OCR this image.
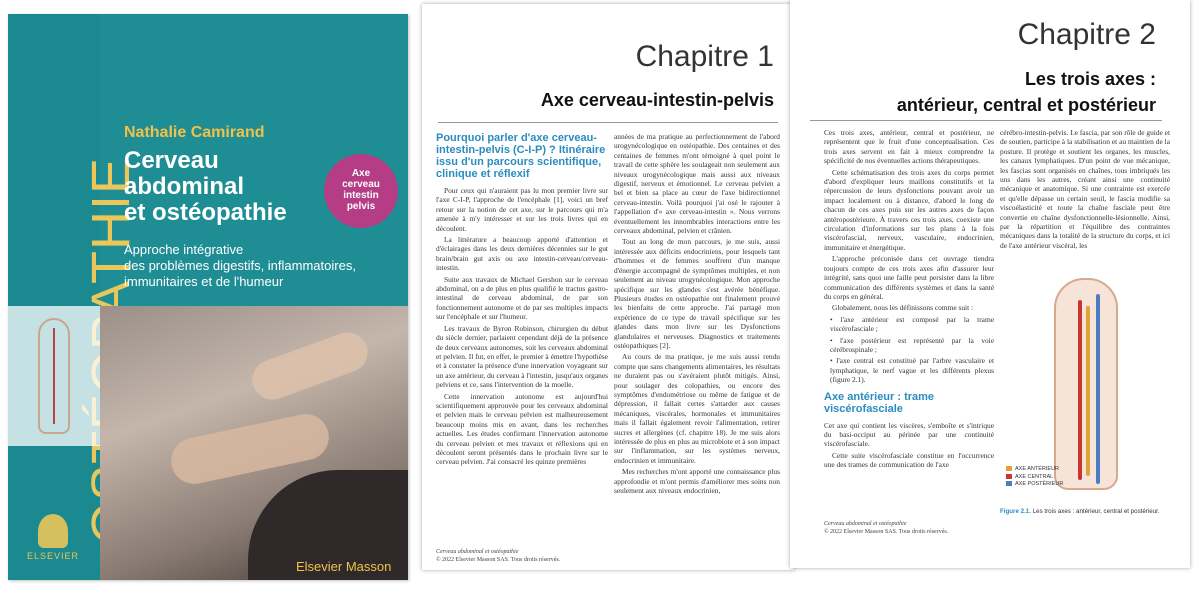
Nathalie Camirand
Cerveau
abdominal
et ostéopathie
Axe
cerveau
intestin
pelvis
Approche intégrative
des problèmes digestifs, inflammatoires,
immunitaires et de l'humeur
ELSEVIER
Elsevier Masson
Chapitre 1
Axe cerveau-intestin-pelvis
Pourquoi parler d'axe cerveau-intestin-pelvis (C-I-P) ? Itinéraire issu d'un parcours scientifique, clinique et réflexif

Pour ceux qui n'auraient pas lu mon premier livre sur l'axe C-I-P, l'approche de l'encéphale [1], voici un bref retour sur la notion de cet axe, sur le parcours qui m'a amenée à m'y intéresser et sur les trois livres qui en découlent.

La littérature a beaucoup apporté d'attention et d'éclairages dans les deux dernières décennies sur le gut brain/brain gut axis ou axe intestin-cerveau/cerveau-intestin.

Suite aux travaux de Michael Gershon sur le cerveau abdominal, on a de plus en plus qualifié le tractus gastro-intestinal de cerveau abdominal, de par son fonctionnement autonome et de par ses multiples impacts sur l'encéphale et sur l'humeur.

Les travaux de Byron Robinson, chirurgien du début du siècle dernier, parlaient cependant déjà de la présence de deux cerveaux autonomes, soit les cerveaux abdominal et pelvien. Il fut, en effet, le premier à émettre l'hypothèse et à constater la présence d'une innervation voyageant sur un axe antérieur, du cerveau à l'intestin, jusqu'aux organes pelviens et ce, sans l'intervention de la moelle.

Cette innervation autonome est aujourd'hui scientifiquement approuvée pour les cerveaux abdominal et pelvien mais le cerveau pelvien est malheureusement beaucoup moins mis en avant, dans les recherches actuelles. Les études confirmant l'innervation autonome du cerveau pelvien et mes travaux et réflexions qui en découlent seront présentés dans le prochain livre sur le cerveau pelvien. J'ai consacré les quinze premières

années de ma pratique au perfectionnement de l'abord urogynécologique en ostéopathie. Des centaines et des centaines de femmes m'ont témoigné à quel point le travail de cette sphère les soulageait non seulement aux niveaux urogynécologique mais aussi aux niveaux digestif, nerveux et émotionnel. Le cerveau pelvien a bel et bien sa place au cœur de l'axe bidirectionnel cerveau-intestin. Voilà pourquoi j'ai osé le rajouter à l'appellation d'« axe cerveau-intestin ». Nous verrons éventuellement les innombrables interactions entre les cerveaux abdominal, pelvien et crânien.

Tout au long de mon parcours, je me suis, aussi intéressée aux déficits endocriniens, pour lesquels tant d'hommes et de femmes souffrent d'un manque d'énergie accompagné de symptômes multiples, et non seulement au niveau urogynécologique. Mon approche spécifique sur les glandes s'est avérée bénéfique. Plusieurs études en ostéopathie ont finalement prouvé les bienfaits de cette approche. J'ai partagé mon expérience de ce type de travail spécifique sur les glandes dans mon livre sur les Dysfonctions glandulaires et nerveuses. Diagnostics et traitements ostéopathiques [2].

Au cours de ma pratique, je me suis aussi rendu compte que sans changements alimentaires, les résultats ne duraient pas ou s'avéraient plutôt mitigés. Ainsi, pour soulager des colopathies, ou encore des symptômes d'endométriose ou même de fatigue et de dépression, il fallait certes s'attarder aux causes mécaniques, viscérales, hormonales et immunitaires mais il fallait également revoir l'alimentation, retirer sucres et allergènes (cf. chapitre 18). Je me suis alors intéressée de plus en plus au microbiote et à son impact sur l'inflammation, sur les systèmes nerveux, endocrinien et immunitaire.

Mes recherches m'ont apporté une connaissance plus approfondie et m'ont permis d'améliorer mes soins non seulement aux niveaux endocrinien,

Cerveau abdominal et ostéopathie
© 2022 Elsevier Masson SAS. Tous droits réservés.
Chapitre 2
Les trois axes :
antérieur, central et postérieur

Ces trois axes, antérieur, central et postérieur, ne représentent que le fruit d'une conceptualisation. Ces trois axes servent en fait à mieux comprendre la spécificité de nos éventuelles actions thérapeutiques.

Cette schématisation des trois axes du corps permet d'abord d'expliquer leurs maillons constitutifs et la répercussion de leurs dysfonctions pouvant avoir un impact localement ou à distance, d'abord le long de chacun de ces axes puis sur les autres axes de façon antéropostérieure. À travers ces trois axes, coexiste une circulation d'informations sur les plans à la fois viscérofascial, nerveux, vasculaire, endocrinien, immunitaire et énergétique.

L'approche préconisée dans cet ouvrage tiendra toujours compte de ces trois axes afin d'assurer leur intégrité, sans quoi une faille peut persister dans la libre communication des différents systèmes et dans la santé du corps en général.

Globalement, nous les définissons comme suit :

• l'axe antérieur est composé par la trame viscérofasciale ;

• l'axe postérieur est représenté par la voie cérébrospinale ;

• l'axe central est constitué par l'arbre vasculaire et lymphatique, le nerf vague et les différents plexus (figure 2.1).

Axe antérieur : trame viscérofasciale

Cet axe qui contient les viscères, s'emboîte et s'intrique du basi-occiput au périnée par une continuité viscérofasciale.

Cette suite viscérofasciale constitue en l'occurrence une des trames de communication de l'axe

cérébro-intestin-pelvis. Le fascia, par son rôle de guide et de soutien, participe à la stabilisation et au maintien de la posture. Il protège et soutient les organes, les muscles, les canaux lymphatiques. D'un point de vue mécanique, les fascias sont organisés en chaînes, tous imbriqués les uns dans les autres, créant ainsi une continuité mécanique et anatomique. Si une contrainte est exercée et qu'elle dépasse un certain seuil, le fascia modifie sa viscoélasticité et toute la chaîne fasciale peut être convertie en chaîne dysfonctionnelle-lésionnelle. Ainsi, par la répartition et l'équilibre des contraintes mécaniques dans la totalité de la structure du corps, et ici de l'axe antérieur viscéral, les

AXE ANTÉRIEUR
AXE CENTRAL
AXE POSTÉRIEUR
Figure 2.1. Les trois axes : antérieur, central et postérieur.
Cerveau abdominal et ostéopathie
© 2022 Elsevier Masson SAS. Tous droits réservés.
